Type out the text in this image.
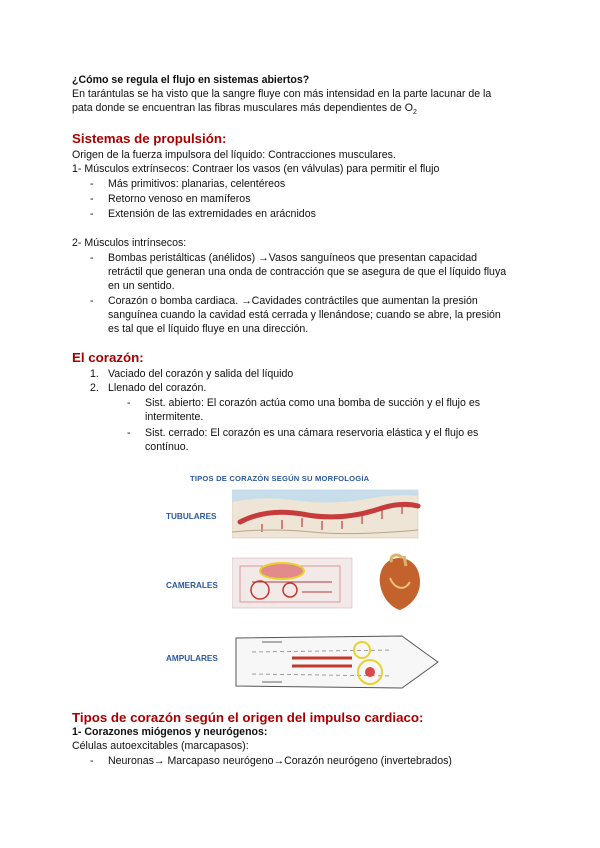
¿Cómo se regula el flujo en sistemas abiertos?
En tarántulas se ha visto que la sangre fluye con más intensidad en la parte lacunar de la
pata donde se encuentran las fibras musculares más dependientes de $O_2$
Sistemas de propulsión:
Origen de la fuerza impulsora del líquido: Contracciones musculares.
1- Músculos extrínsecos: Contraer los vasos (en válvulas) para permitir el flujo
- Más primitivos: planarias, celentéreos
- Retorno venoso en mamíferos
- Extensión de las extremidades en arácnidos
2- Músculos intrínsecos:
- Bombas peristálticas (anélidos) →Vasos sanguíneos que presentan capacidad
retráctil que generan una onda de contracción que se asegura de que el líquido fluya
en un sentido.
- Corazón o bomba cardiaca. →Cavidades contráctiles que aumentan la presión
sanguínea cuando la cavidad está cerrada y llenándose; cuando se abre, la presión
es tal que el líquido fluye en una dirección.
El corazón:
1. Vaciado del corazón y salida del líquido
2. Llenado del corazón.
- Sist. abierto: El corazón actúa como una bomba de succión y el flujo es
intermitente.
- Sist. cerrado: El corazón es una cámara reservoria elástica y el flujo es
contínuo.
TIPOS DE CORAZÓN SEGÚN SU MORFOLOGÍA
TUBULARES
CAMERALES
AMPULARES
Tipos de corazón según el origen del impulso cardiaco:
1- Corazones miógenos y neurógenos:
Células autoexcitables (marcapasos):
- Neuronas→ Marcapaso neurógeno→Corazón neurógeno (invertebrados)
